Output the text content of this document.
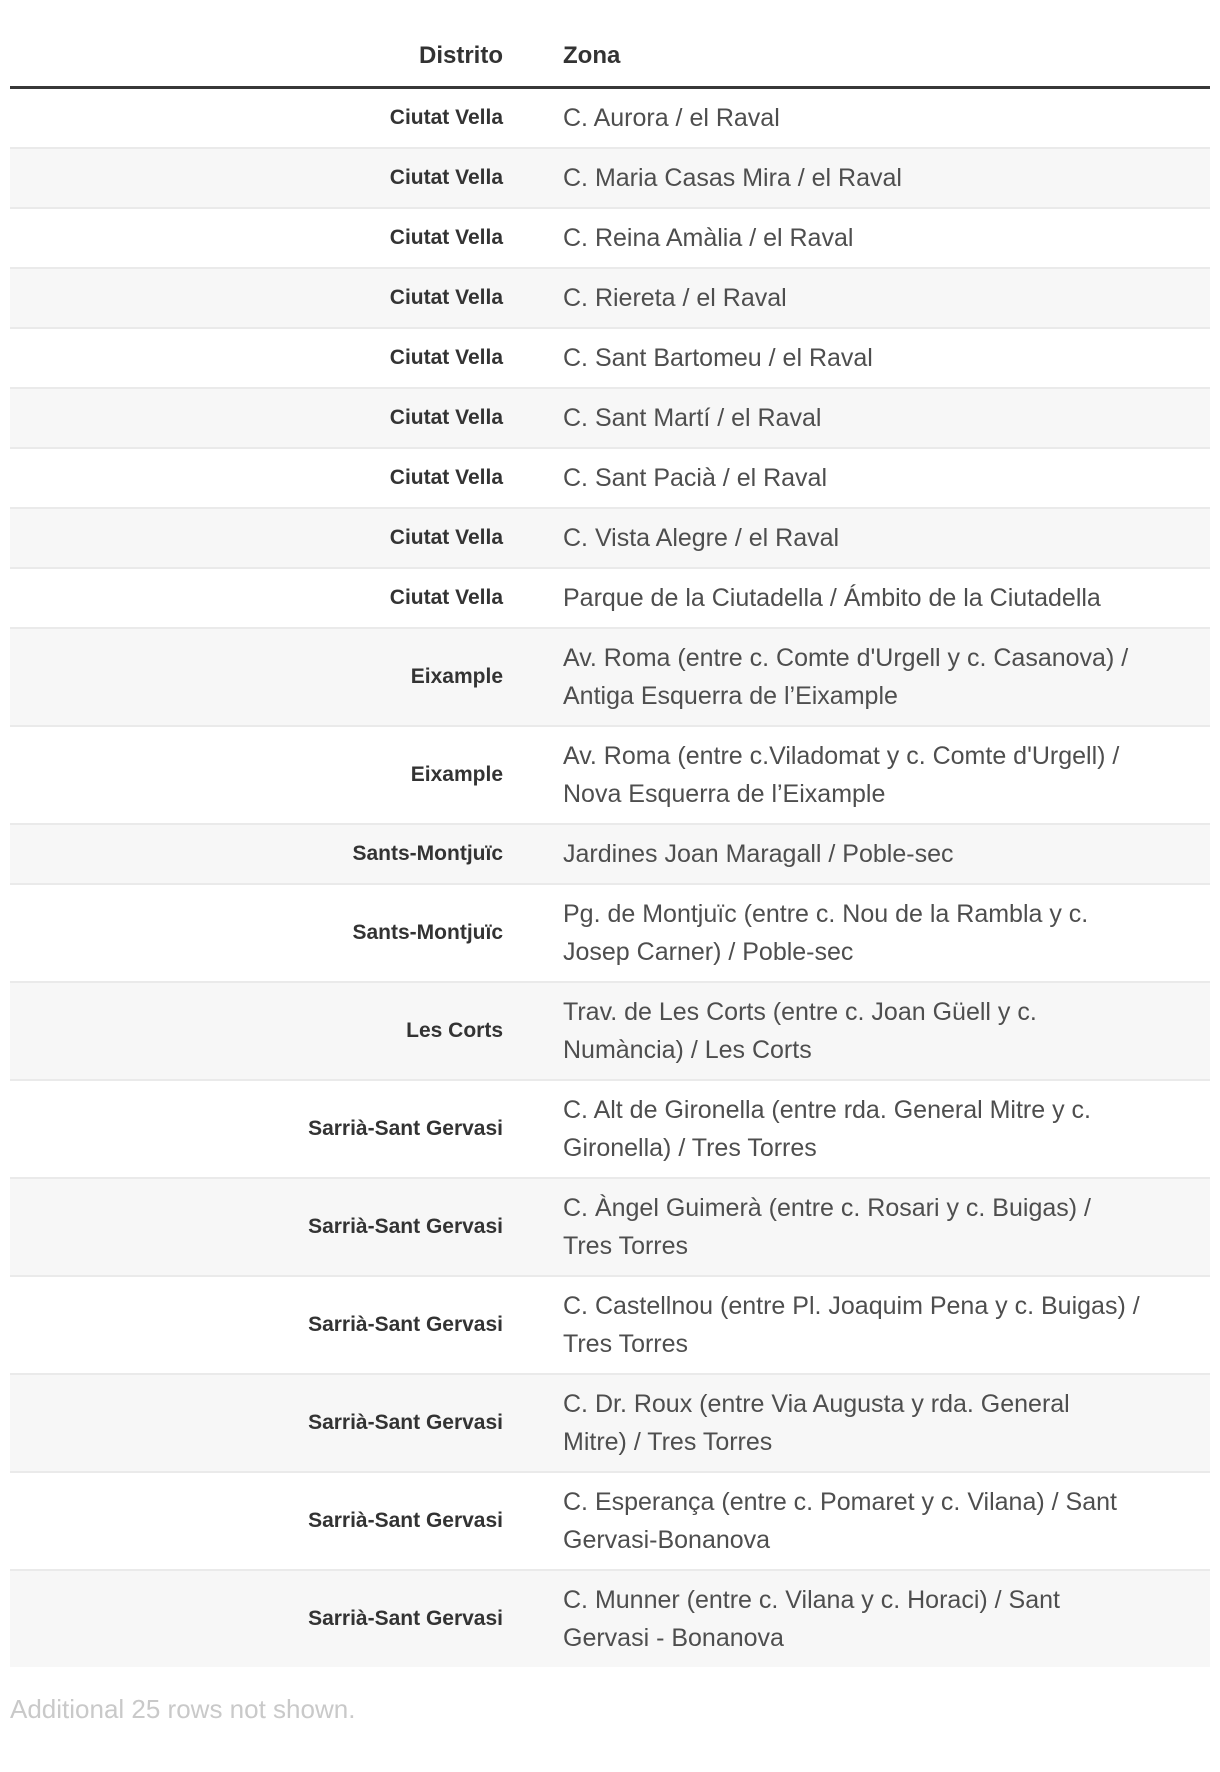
Distrito	Zona
Ciutat Vella	C. Aurora / el Raval
Ciutat Vella	C. Maria Casas Mira / el Raval
Ciutat Vella	C. Reina Amàlia / el Raval
Ciutat Vella	C. Riereta / el Raval
Ciutat Vella	C. Sant Bartomeu / el Raval
Ciutat Vella	C. Sant Martí / el Raval
Ciutat Vella	C. Sant Pacià / el Raval
Ciutat Vella	C. Vista Alegre / el Raval
Ciutat Vella	Parque de la Ciutadella / Ámbito de la Ciutadella
Eixample	Av. Roma (entre c. Comte d'Urgell y c. Casanova) / Antiga Esquerra de l’Eixample
Eixample	Av. Roma (entre c.Viladomat y c. Comte d'Urgell) / Nova Esquerra de l’Eixample
Sants-Montjuïc	Jardines Joan Maragall / Poble-sec
Sants-Montjuïc	Pg. de Montjuïc (entre c. Nou de la Rambla y c. Josep Carner) / Poble-sec
Les Corts	Trav. de Les Corts (entre c. Joan Güell y c. Numància) / Les Corts
Sarrià-Sant Gervasi	C. Alt de Gironella (entre rda. General Mitre y c. Gironella) / Tres Torres
Sarrià-Sant Gervasi	C. Àngel Guimerà (entre c. Rosari y c. Buigas) / Tres Torres
Sarrià-Sant Gervasi	C. Castellnou (entre Pl. Joaquim Pena y c. Buigas) / Tres Torres
Sarrià-Sant Gervasi	C. Dr. Roux (entre Via Augusta y rda. General Mitre) / Tres Torres
Sarrià-Sant Gervasi	C. Esperança (entre c. Pomaret y c. Vilana) / Sant Gervasi-Bonanova
Sarrià-Sant Gervasi	C. Munner (entre c. Vilana y c. Horaci) / Sant Gervasi - Bonanova
Additional 25 rows not shown.
